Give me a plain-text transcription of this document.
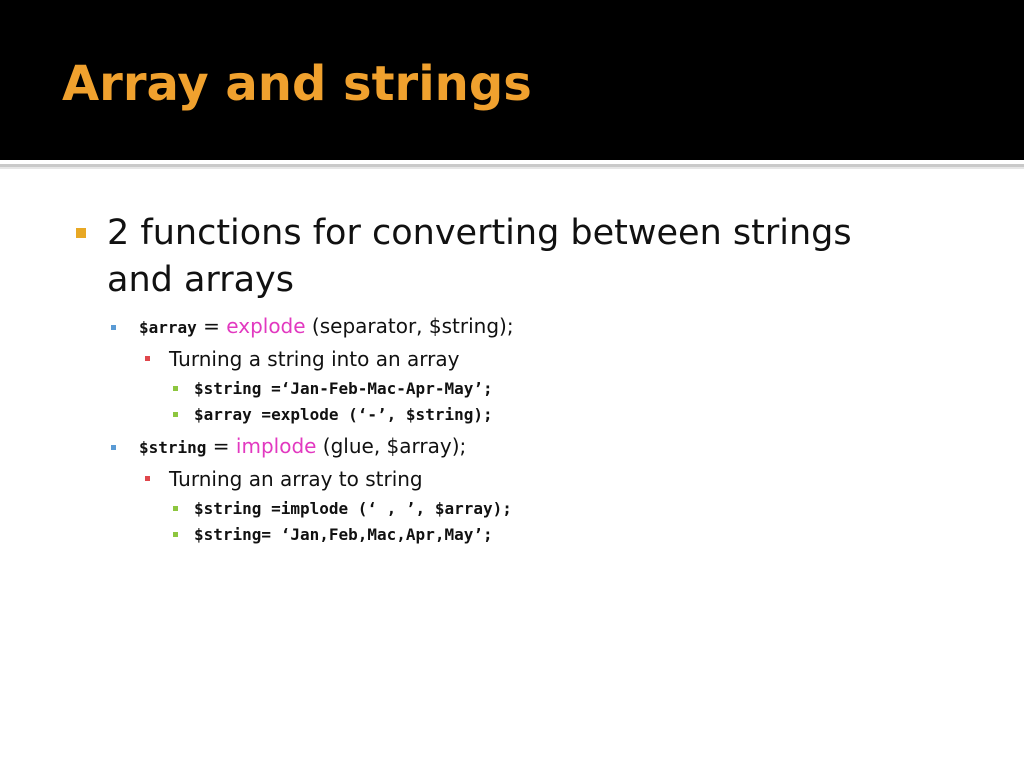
Array and strings
2 functions for converting between strings
and arrays
$array = explode (separator, $string);
Turning a string into an array
$string =‘Jan-Feb-Mac-Apr-May’;
$array =explode (‘-’, $string);
$string = implode (glue, $array);
Turning an array to string
$string =implode (‘ , ’, $array);
$string= ‘Jan,Feb,Mac,Apr,May’;
